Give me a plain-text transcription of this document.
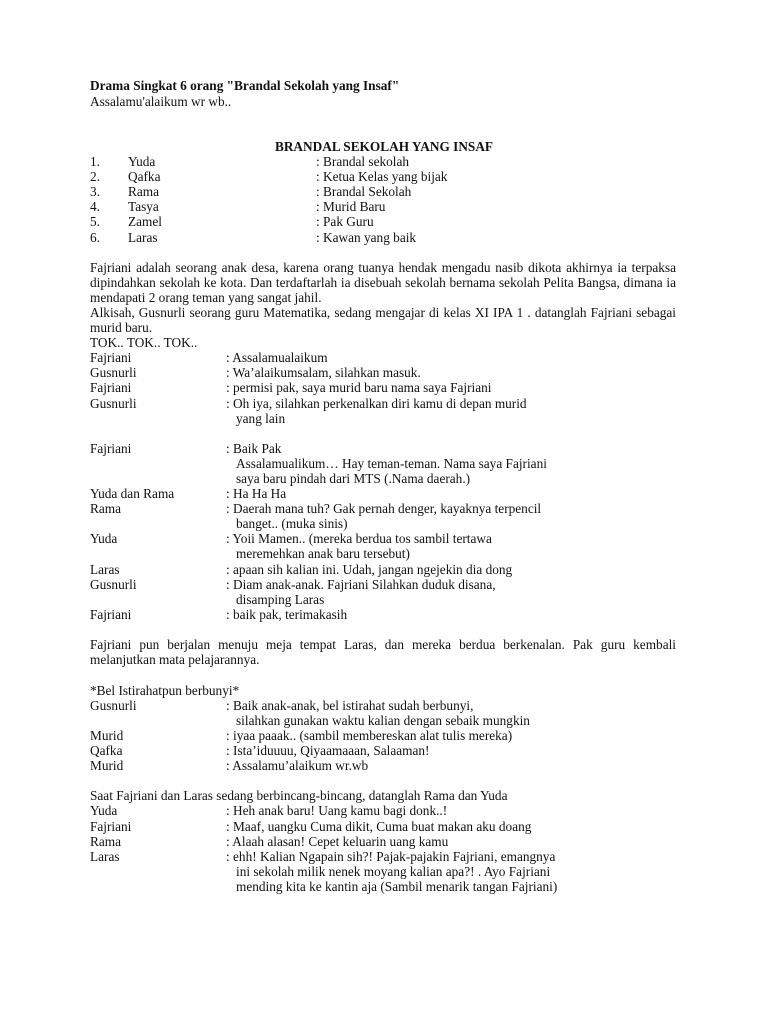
Drama Singkat 6 orang "Brandal Sekolah yang Insaf"
Assalamu'alaikum wr wb..
BRANDAL SEKOLAH YANG INSAF
1. Yuda	: Brandal sekolah
2. Qafka	: Ketua Kelas yang bijak
3. Rama	: Brandal Sekolah
4. Tasya	: Murid Baru
5. Zamel	: Pak Guru
6. Laras	: Kawan yang baik
Fajriani adalah seorang anak desa, karena orang tuanya hendak mengadu nasib dikota akhirnya ia terpaksa dipindahkan sekolah ke kota. Dan terdaftarlah ia disebuah sekolah bernama sekolah Pelita Bangsa, dimana ia mendapati 2 orang teman yang sangat jahil.
Alkisah, Gusnurli seorang guru Matematika, sedang mengajar di kelas XI IPA 1 . datanglah Fajriani sebagai murid baru.
TOK.. TOK.. TOK..
Fajriani	: Assalamualaikum
Gusnurli	: Wa’alaikumsalam, silahkan masuk.
Fajriani	: permisi pak, saya murid baru nama saya Fajriani
Gusnurli	: Oh iya, silahkan perkenalkan diri kamu di depan murid
yang lain
Fajriani	: Baik Pak
Assalamualikum… Hay teman-teman. Nama saya Fajriani
saya baru pindah dari MTS (.Nama daerah.)
Yuda dan Rama	: Ha Ha Ha
Rama	: Daerah mana tuh? Gak pernah denger, kayaknya terpencil
banget.. (muka sinis)
Yuda	: Yoii Mamen.. (mereka berdua tos sambil tertawa
meremehkan anak baru tersebut)
Laras	: apaan sih kalian ini. Udah, jangan ngejekin dia dong
Gusnurli	: Diam anak-anak. Fajriani Silahkan duduk disana,
disamping Laras
Fajriani	: baik pak, terimakasih
Fajriani pun berjalan menuju meja tempat Laras, dan mereka berdua berkenalan. Pak guru kembali melanjutkan mata pelajarannya.
*Bel Istirahatpun berbunyi*
Gusnurli	: Baik anak-anak, bel istirahat sudah berbunyi,
silahkan gunakan waktu kalian dengan sebaik mungkin
Murid	: iyaa paaak.. (sambil membereskan alat tulis mereka)
Qafka	: Ista’iduuuu, Qiyaamaaan, Salaaman!
Murid	: Assalamu’alaikum wr.wb
Saat Fajriani dan Laras sedang berbincang-bincang, datanglah Rama dan Yuda
Yuda	: Heh anak baru! Uang kamu bagi donk..!
Fajriani	: Maaf, uangku Cuma dikit, Cuma buat makan aku doang
Rama	: Alaah alasan! Cepet keluarin uang kamu
Laras	: ehh! Kalian Ngapain sih?! Pajak-pajakin Fajriani, emangnya
ini sekolah milik nenek moyang kalian apa?! . Ayo Fajriani
mending kita ke kantin aja (Sambil menarik tangan Fajriani)
